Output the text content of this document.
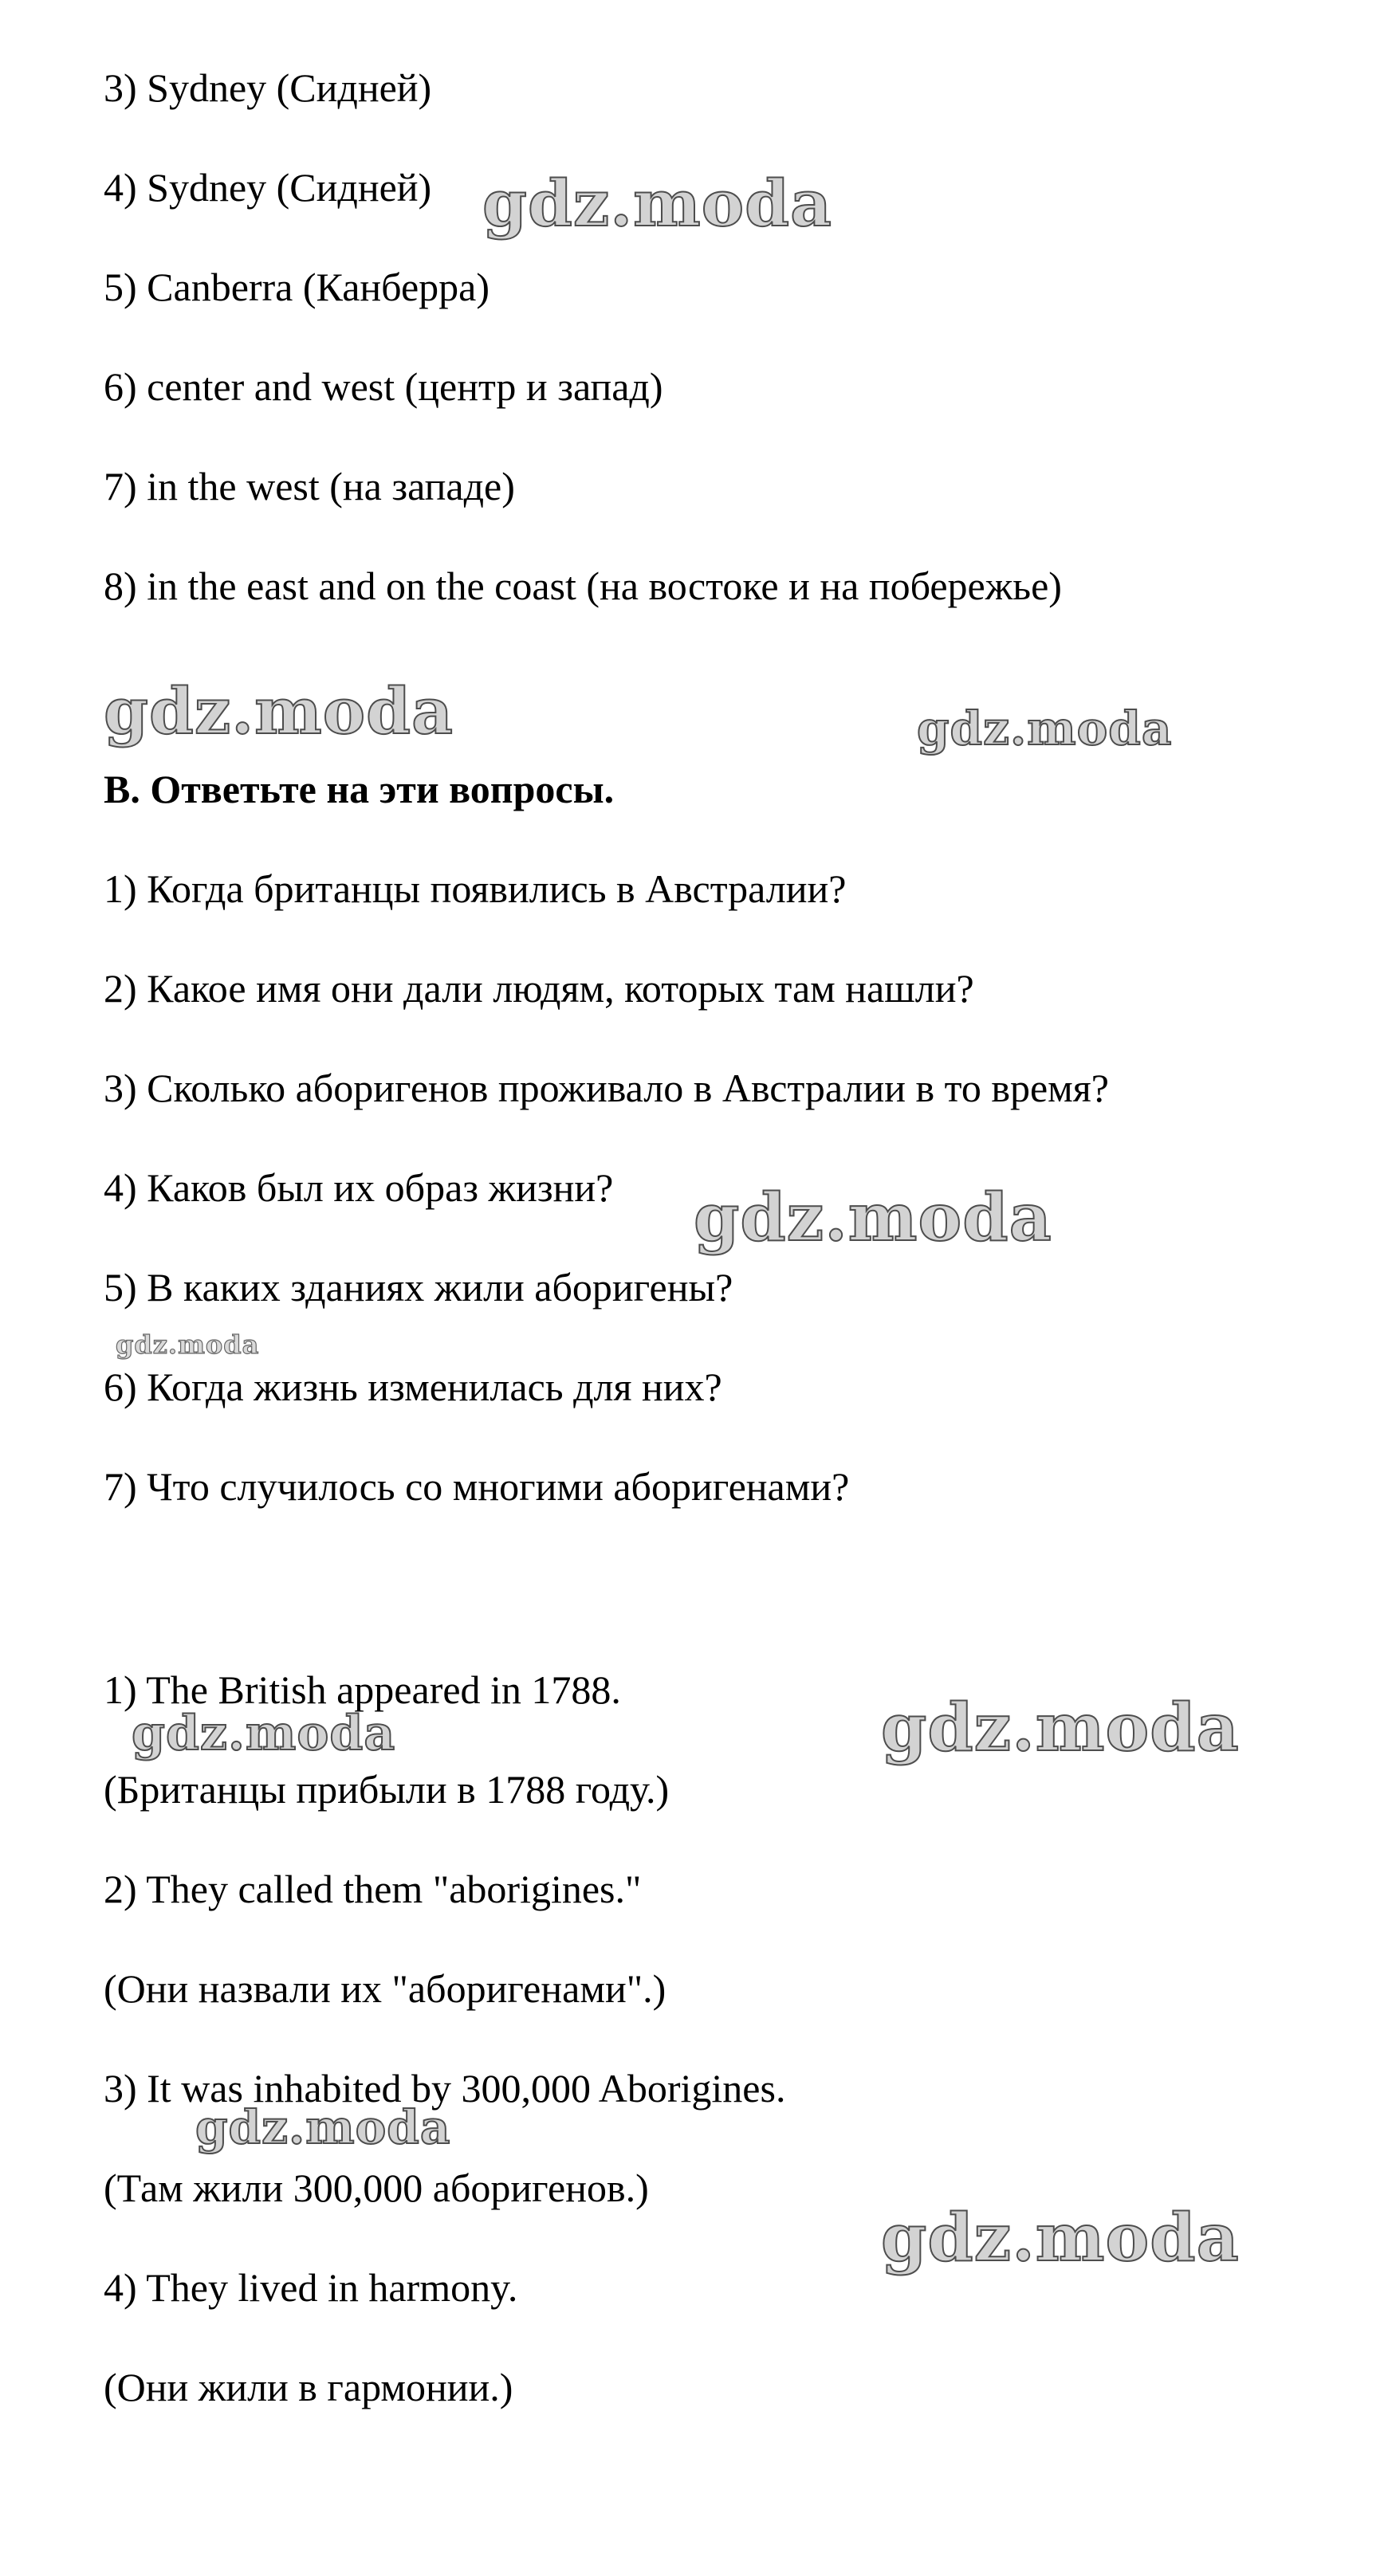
3) Sydney (Сидней)
4) Sydney (Сидней)
5) Canberra (Канберра)
6) center and west (центр и запад)
7) in the west (на западе)
8) in the east and on the coast (на востоке и на побережье)
B. Ответьте на эти вопросы.
1) Когда британцы появились в Австралии?
2) Какое имя они дали людям, которых там нашли?
3) Сколько аборигенов проживало в Австралии в то время?
4) Каков был их образ жизни?
5) В каких зданиях жили аборигены?
6) Когда жизнь изменилась для них?
7) Что случилось со многими аборигенами?
1) The British appeared in 1788.
(Британцы прибыли в 1788 году.)
2) They called them "aborigines."
(Они назвали их "аборигенами".)
3) It was inhabited by 300,000 Aborigines.
(Там жили 300,000 аборигенов.)
4) They lived in harmony.
(Они жили в гармонии.)
gdz.moda
gdz.moda	gdz.moda
gdz.moda
gdz.moda
gdz.moda	gdz.moda
gdz.moda
gdz.moda
